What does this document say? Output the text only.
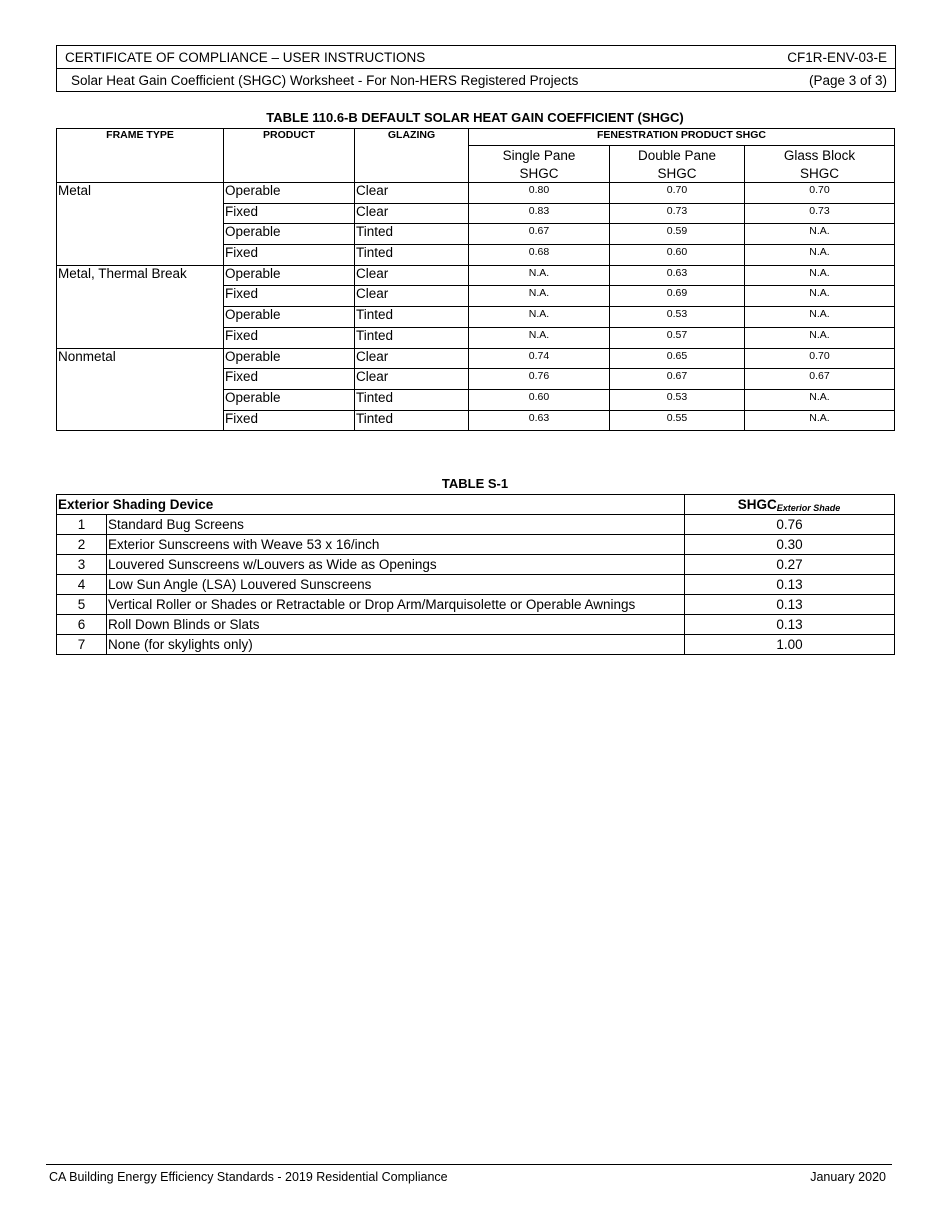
CERTIFICATE OF COMPLIANCE – USER INSTRUCTIONS	CF1R-ENV-03-E
Solar Heat Gain Coefficient (SHGC) Worksheet - For Non-HERS Registered Projects	(Page 3 of 3)
TABLE 110.6-B DEFAULT SOLAR HEAT GAIN COEFFICIENT (SHGC)
FRAME TYPE	PRODUCT	GLAZING	FENESTRATION PRODUCT SHGC		
			Single Pane	Double Pane	Glass Block
			SHGC	SHGC	SHGC
Metal	Operable	Clear	0.80	0.70	0.70
	Fixed	Clear	0.83	0.73	0.73
	Operable	Tinted	0.67	0.59	N.A.
	Fixed	Tinted	0.68	0.60	N.A.
Metal, Thermal Break	Operable	Clear	N.A.	0.63	N.A.
	Fixed	Clear	N.A.	0.69	N.A.
	Operable	Tinted	N.A.	0.53	N.A.
	Fixed	Tinted	N.A.	0.57	N.A.
Nonmetal	Operable	Clear	0.74	0.65	0.70
	Fixed	Clear	0.76	0.67	0.67
	Operable	Tinted	0.60	0.53	N.A.
	Fixed	Tinted	0.63	0.55	N.A.
TABLE S-1
Exterior Shading Device		$SHGC_{Exterior Shade}$
1	Standard Bug Screens	0.76
2	Exterior Sunscreens with Weave 53 x 16/inch	0.30
3	Louvered Sunscreens w/Louvers as Wide as Openings	0.27
4	Low Sun Angle (LSA) Louvered Sunscreens	0.13
5	Vertical Roller or Shades or Retractable or Drop Arm/Marquisolette or Operable Awnings	0.13
6	Roll Down Blinds or Slats	0.13
7	None (for skylights only)	1.00
CA Building Energy Efficiency Standards - 2019 Residential Compliance	January 2020
